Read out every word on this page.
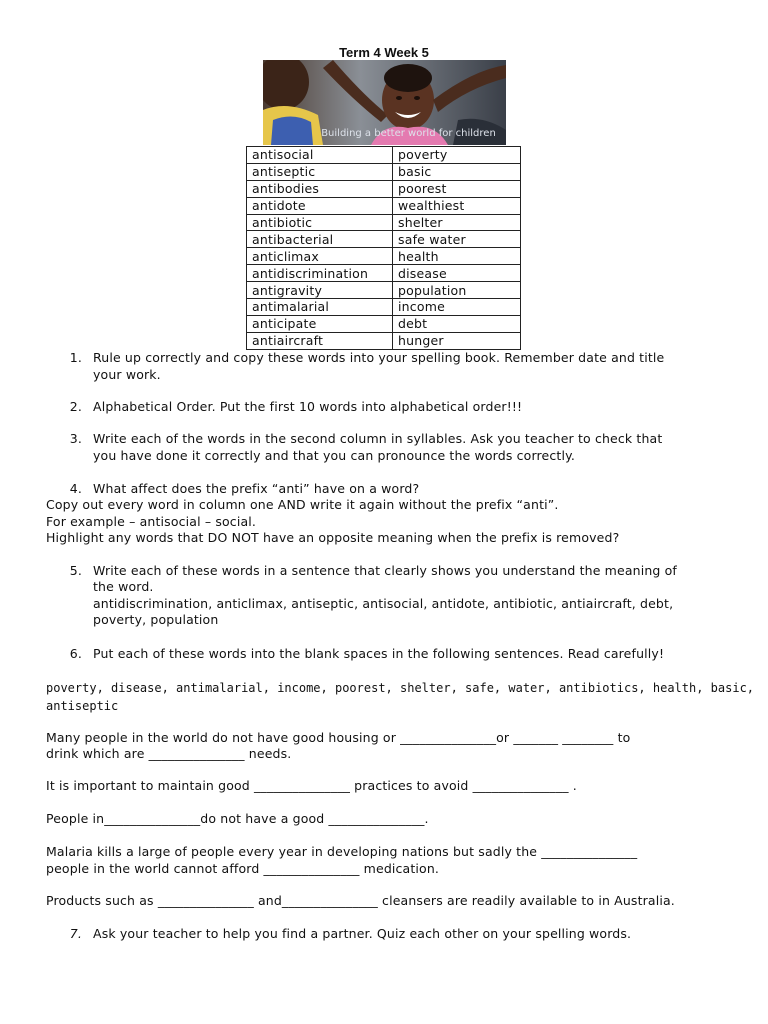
Term 4 Week 5
Building a better world for children
antisocial	poverty
antiseptic	basic
antibodies	poorest
antidote	wealthiest
antibiotic	shelter
antibacterial	safe water
anticlimax	health
antidiscrimination	disease
antigravity	population
antimalarial	income
anticipate	debt
antiaircraft	hunger
1. Rule up correctly and copy these words into your spelling book. Remember date and title
your work.
2. Alphabetical Order. Put the first 10 words into alphabetical order!!!
3. Write each of the words in the second column in syllables. Ask you teacher to check that
you have done it correctly and that you can pronounce the words correctly.
4. What affect does the prefix “anti” have on a word?
Copy out every word in column one AND write it again without the prefix “anti”.
For example – antisocial – social.
Highlight any words that DO NOT have an opposite meaning when the prefix is removed?
5. Write each of these words in a sentence that clearly shows you understand the meaning of
the word.
antidiscrimination, anticlimax, antiseptic, antisocial, antidote, antibiotic, antiaircraft, debt,
poverty, population
6. Put each of these words into the blank spaces in the following sentences. Read carefully!
poverty, disease, antimalarial, income, poorest, shelter, safe, water, antibiotics, health, basic,
antiseptic
Many people in the world do not have good housing or _______________or _______ ________ to
drink which are _______________ needs.
It is important to maintain good _______________ practices to avoid _______________ .
People in_______________do not have a good _______________.
Malaria kills a large of people every year in developing nations but sadly the _______________
people in the world cannot afford _______________ medication.
Products such as _______________ and_______________ cleansers are readily available to in Australia.
7. Ask your teacher to help you find a partner. Quiz each other on your spelling words.
